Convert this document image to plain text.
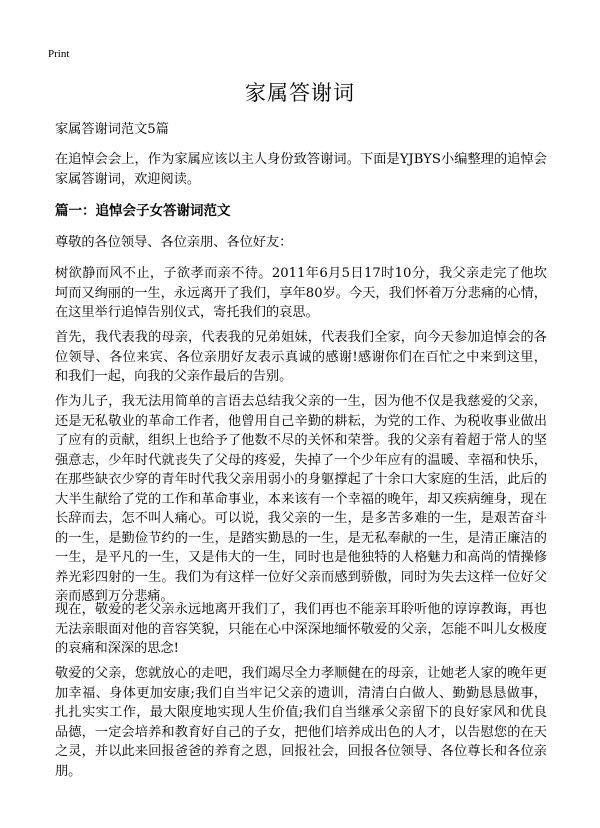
Print
家属答谢词

家属答谢词范文5篇

在追悼会会上，作为家属应该以主人身份致答谢词。下面是YJBYS小编整理的追悼会家属答谢词，欢迎阅读。

篇一：追悼会子女答谢词范文

尊敬的各位领导、各位亲朋、各位好友：

树欲静而风不止，子欲孝而亲不待。2011年6月5日17时10分，我父亲走完了他坎坷而又绚丽的一生，永远离开了我们，享年80岁。今天，我们怀着万分悲痛的心情，在这里举行追悼告别仪式，寄托我们的哀思。

首先，我代表我的母亲，代表我的兄弟姐妹，代表我们全家，向今天参加追悼会的各位领导、各位来宾、各位亲朋好友表示真诚的感谢!感谢你们在百忙之中来到这里，和我们一起，向我的父亲作最后的告别。

作为儿子，我无法用简单的言语去总结我父亲的一生，因为他不仅是我慈爱的父亲，还是无私敬业的革命工作者，他曾用自己辛勤的耕耘，为党的工作、为税收事业做出了应有的贡献，组织上也给予了他数不尽的关怀和荣誉。我的父亲有着超于常人的坚强意志，少年时代就丧失了父母的疼爱，失掉了一个少年应有的温暖、幸福和快乐，在那些缺衣少穿的青年时代我父亲用弱小的身躯撑起了十余口大家庭的生活，此后的大半生献给了党的工作和革命事业，本来该有一个幸福的晚年，却又疾病缠身，现在长辞而去，怎不叫人痛心。可以说，我父亲的一生，是多苦多难的一生，是艰苦奋斗的一生，是勤俭节约的一生，是踏实勤恳的一生，是无私奉献的一生，是清正廉洁的一生，是平凡的一生，又是伟大的一生，同时也是他独特的人格魅力和高尚的情操修养光彩四射的一生。我们为有这样一位好父亲而感到骄傲，同时为失去这样一位好父亲而感到万分悲痛。

现在，敬爱的老父亲永远地离开我们了，我们再也不能亲耳聆听他的谆谆教诲，再也无法亲眼面对他的音容笑貌，只能在心中深深地缅怀敬爱的父亲，怎能不叫儿女极度的哀痛和深深的思念!

敬爱的父亲，您就放心的走吧，我们竭尽全力孝顺健在的母亲，让她老人家的晚年更加幸福、身体更加安康;我们自当牢记父亲的遗训，清清白白做人、勤勤恳恳做事，扎扎实实工作，最大限度地实现人生价值;我们自当继承父亲留下的良好家风和优良品德，一定会培养和教育好自己的子女，把他们培养成出色的人才，以告慰您的在天之灵，并以此来回报爸爸的养育之恩，回报社会，回报各位领导、各位尊长和各位亲朋。
